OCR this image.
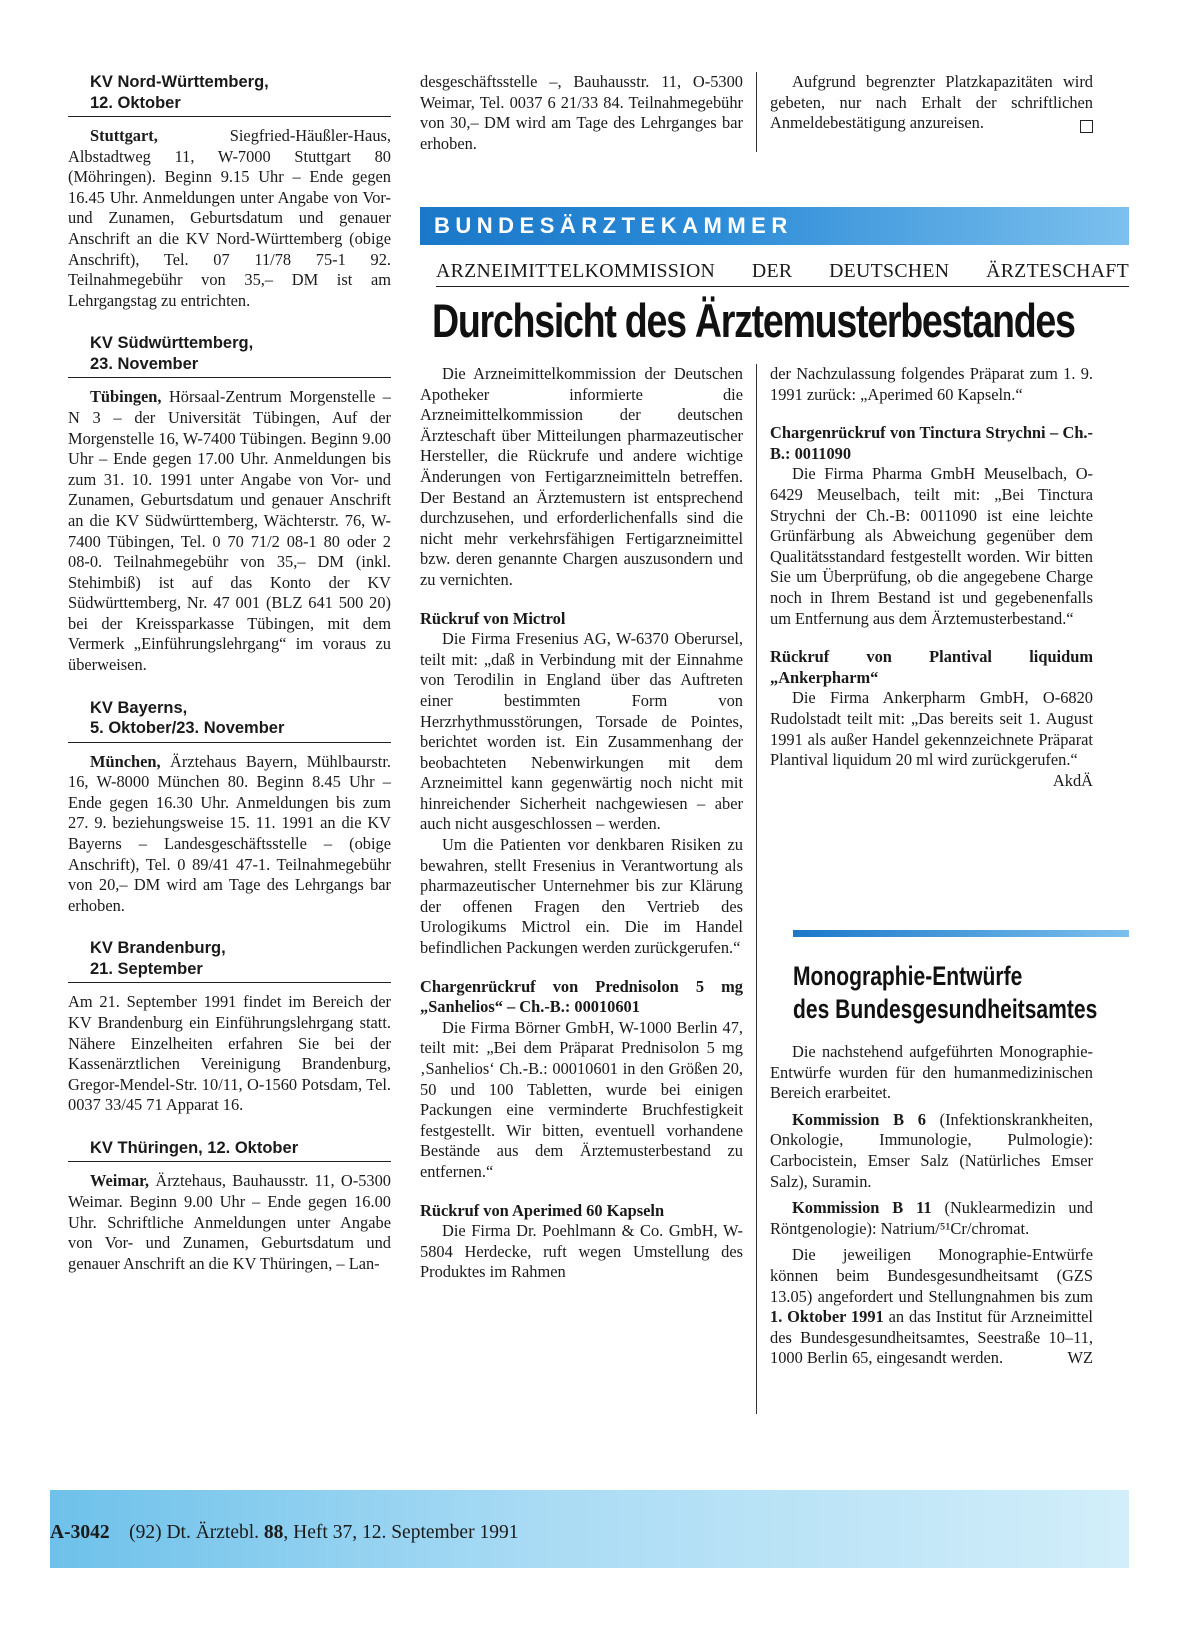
KV Nord-Württemberg,
12. Oktober

Stuttgart,	Siegfried-Häußler-Haus, Albstadtweg 11, W-7000 Stuttgart 80 (Möhringen). Beginn 9.15 Uhr – Ende gegen 16.45 Uhr. Anmeldungen unter Angabe von Vor- und Zunamen, Geburtsdatum und genauer Anschrift an die KV Nord-Württemberg (obige Anschrift), Tel. 07 11/78 75-1 92. Teilnahmegebühr von 35,– DM ist am Lehrgangstag zu entrichten.

KV Südwürttemberg,
23. November

Tübingen, Hörsaal-Zentrum Morgenstelle – N 3 – der Universität Tübingen, Auf der Morgenstelle 16, W-7400 Tübingen. Beginn 9.00 Uhr – Ende gegen 17.00 Uhr. Anmeldungen bis zum 31. 10. 1991 unter Angabe von Vor- und Zunamen, Geburtsdatum und genauer Anschrift an die KV Südwürttemberg, Wächterstr. 76, W-7400 Tübingen, Tel. 0 70 71/2 08-1 80 oder 2 08-0. Teilnahmegebühr von 35,– DM (inkl. Stehimbiß) ist auf das Konto der KV Südwürttemberg, Nr. 47 001 (BLZ 641 500 20) bei der Kreissparkasse Tübingen, mit dem Vermerk „Einführungslehrgang“ im voraus zu überweisen.

KV Bayerns,
5. Oktober/23. November

München, Ärztehaus Bayern, Mühlbaurstr. 16, W-8000 München 80. Beginn 8.45 Uhr – Ende gegen 16.30 Uhr. Anmeldungen bis zum 27. 9. beziehungsweise 15. 11. 1991 an die KV Bayerns – Landesgeschäftsstelle – (obige Anschrift), Tel. 0 89/41 47-1. Teilnahmegebühr von 20,– DM wird am Tage des Lehrgangs bar erhoben.

KV Brandenburg,
21. September

Am 21. September 1991 findet im Bereich der KV Brandenburg ein Einführungslehrgang statt. Nähere Einzelheiten erfahren Sie bei der Kassenärztlichen Vereinigung Brandenburg, Gregor-Mendel-Str. 10/11, O-1560 Potsdam, Tel. 0037 33/45 71 Apparat 16.

KV Thüringen, 12. Oktober

Weimar, Ärztehaus, Bauhausstr. 11, O-5300 Weimar. Beginn 9.00 Uhr – Ende gegen 16.00 Uhr. Schriftliche Anmeldungen unter Angabe von Vor- und Zunamen, Geburtsdatum und genauer Anschrift an die KV Thüringen, – Lan-

desgeschäftsstelle –, Bauhausstr. 11, O-5300 Weimar, Tel. 0037 6 21/33 84. Teilnahmegebühr von 30,– DM wird am Tage des Lehrganges bar erhoben.

Aufgrund begrenzter Platzkapazitäten wird gebeten, nur nach Erhalt der schriftlichen Anmeldebestätigung anzureisen.

BUNDESÄRZTEKAMMER
ARZNEIMITTELKOMMISSION DER DEUTSCHEN ÄRZTESCHAFT
Durchsicht des Ärztemusterbestandes

Die Arzneimittelkommission der Deutschen Apotheker informierte die Arzneimittelkommission der deutschen Ärzteschaft über Mitteilungen pharmazeutischer Hersteller, die Rückrufe und andere wichtige Änderungen von Fertigarzneimitteln betreffen. Der Bestand an Ärztemustern ist entsprechend durchzusehen, und erforderlichenfalls sind die nicht mehr verkehrsfähigen Fertigarzneimittel bzw. deren genannte Chargen auszusondern und zu vernichten.

Rückruf von Mictrol

Die Firma Fresenius AG, W-6370 Oberursel, teilt mit: „daß in Verbindung mit der Einnahme von Terodilin in England über das Auftreten einer bestimmten Form von Herzrhythmusstörungen, Torsade de Pointes, berichtet worden ist. Ein Zusammenhang der beobachteten Nebenwirkungen mit dem Arzneimittel kann gegenwärtig noch nicht mit hinreichender Sicherheit nachgewiesen – aber auch nicht ausgeschlossen – werden.

Um die Patienten vor denkbaren Risiken zu bewahren, stellt Fresenius in Verantwortung als pharmazeutischer Unternehmer bis zur Klärung der offenen Fragen den Vertrieb des Urologikums Mictrol ein. Die im Handel befindlichen Packungen werden zurückgerufen.“

Chargenrückruf von Prednisolon 5 mg „Sanhelios“ – Ch.-B.: 00010601

Die Firma Börner GmbH, W-1000 Berlin 47, teilt mit: „Bei dem Präparat Prednisolon 5 mg ‚Sanhelios‘ Ch.-B.: 00010601 in den Größen 20, 50 und 100 Tabletten, wurde bei einigen Packungen eine verminderte Bruchfestigkeit festgestellt. Wir bitten, eventuell vorhandene Bestände aus dem Ärztemusterbestand zu entfernen.“

Rückruf von Aperimed 60 Kapseln

Die Firma Dr. Poehlmann & Co. GmbH, W-5804 Herdecke, ruft wegen Umstellung des Produktes im Rahmen

der Nachzulassung folgendes Präparat zum 1. 9. 1991 zurück: „Aperimed 60 Kapseln.“

Chargenrückruf von Tinctura Strychni – Ch.-B.: 0011090

Die Firma Pharma GmbH Meuselbach, O-6429 Meuselbach, teilt mit: „Bei Tinctura Strychni der Ch.-B: 0011090 ist eine leichte Grünfärbung als Abweichung gegenüber dem Qualitätsstandard festgestellt worden. Wir bitten Sie um Überprüfung, ob die angegebene Charge noch in Ihrem Bestand ist und gegebenenfalls um Entfernung aus dem Ärztemusterbestand.“

Rückruf von Plantival liquidum „Ankerpharm“

Die Firma Ankerpharm GmbH, O-6820 Rudolstadt teilt mit: „Das bereits seit 1. August 1991 als außer Handel gekennzeichnete Präparat Plantival liquidum 20 ml wird zurückgerufen.“
AkdÄ

Monographie-Entwürfe
des Bundesgesundheitsamtes

Die nachstehend aufgeführten Monographie-Entwürfe wurden für den humanmedizinischen Bereich erarbeitet.

Kommission B 6 (Infektionskrankheiten, Onkologie, Immunologie, Pulmologie): Carbocistein, Emser Salz (Natürliches Emser Salz), Suramin.

Kommission B 11 (Nuklearmedizin und Röntgenologie): Natrium/⁵¹Cr/chromat.

Die jeweiligen Monographie-Entwürfe können beim Bundesgesundheitsamt (GZS 13.05) angefordert und Stellungnahmen bis zum 1. Oktober 1991 an das Institut für Arzneimittel des Bundesgesundheitsamtes, Seestraße 10–11, 1000 Berlin 65, eingesandt werden.	WZ

A-3042 (92) Dt. Ärztebl. 88, Heft 37, 12. September 1991
